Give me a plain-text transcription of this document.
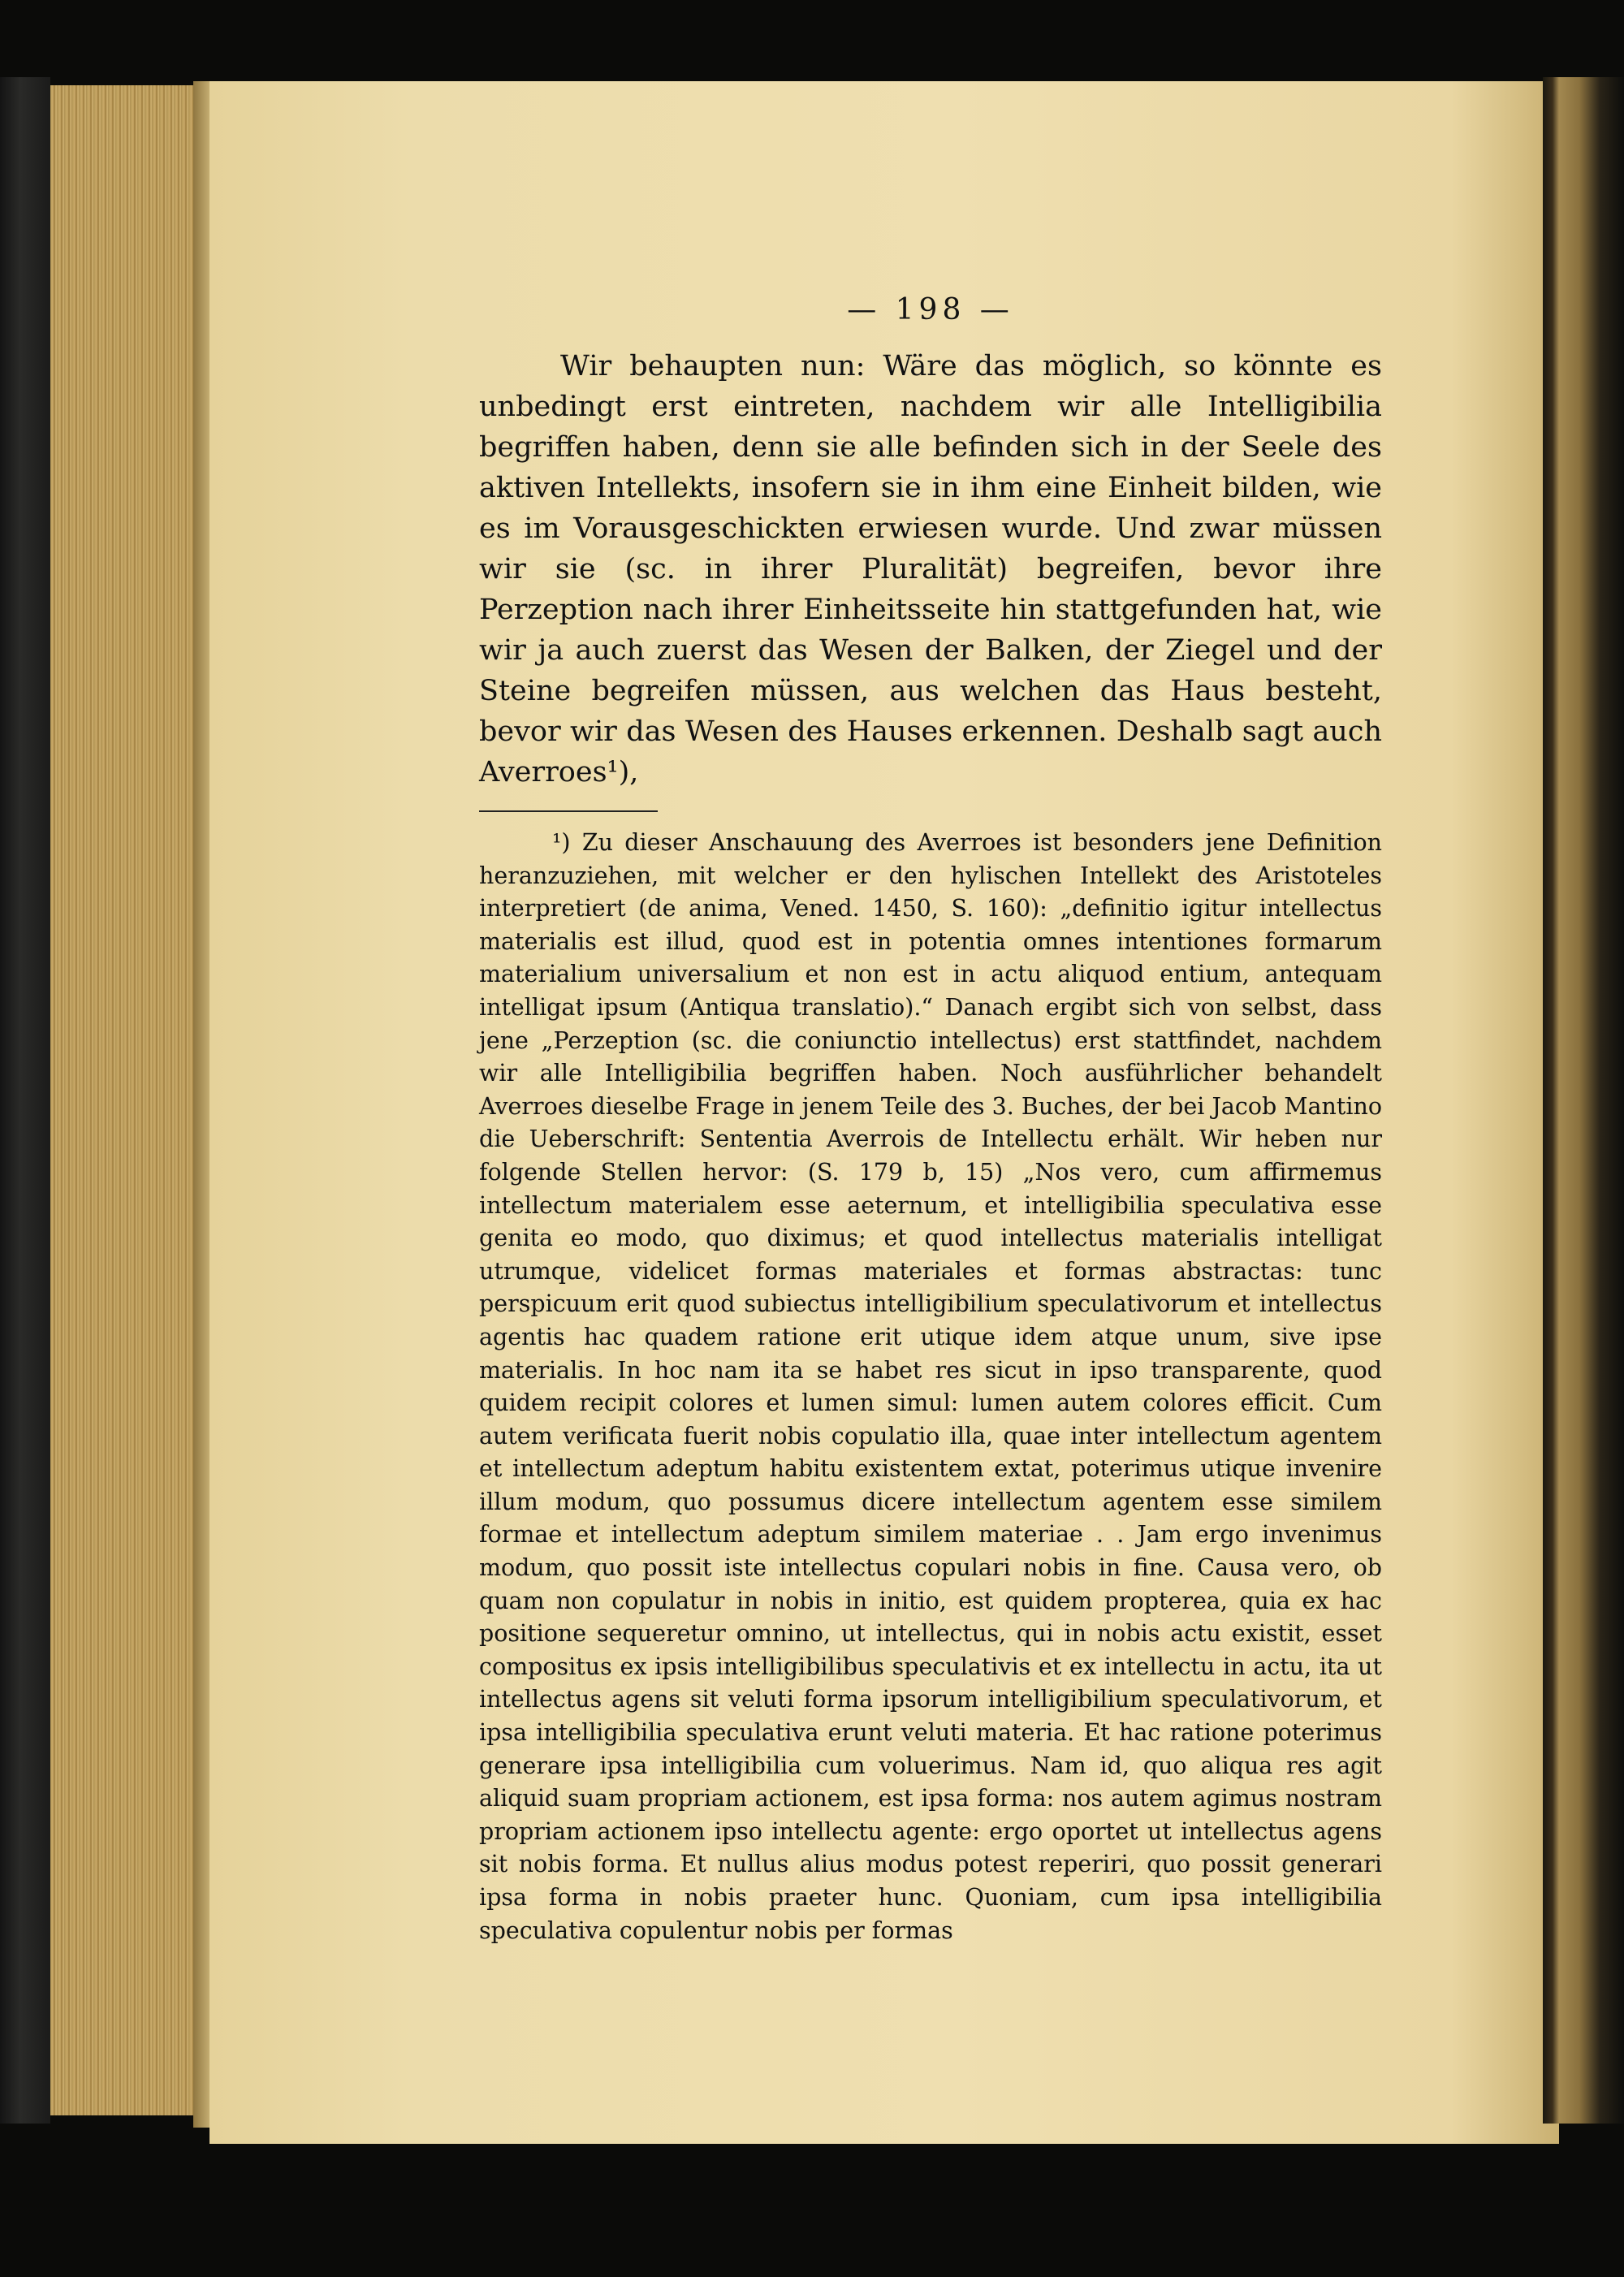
— 198 —

Wir behaupten nun: Wäre das möglich, so könnte es unbedingt erst eintreten, nachdem wir alle Intelligibilia begriffen haben, denn sie alle befinden sich in der Seele des aktiven Intellekts, insofern sie in ihm eine Einheit bilden, wie es im Vorausgeschickten erwiesen wurde. Und zwar müssen wir sie (sc. in ihrer Pluralität) begreifen, bevor ihre Perzeption nach ihrer Einheitsseite hin stattgefunden hat, wie wir ja auch zuerst das Wesen der Balken, der Ziegel und der Steine begreifen müssen, aus welchen das Haus besteht, bevor wir das Wesen des Hauses erkennen. Deshalb sagt auch Averroes¹),

¹) Zu dieser Anschauung des Averroes ist besonders jene Definition heranzuziehen, mit welcher er den hylischen Intellekt des Aristoteles interpretiert (de anima, Vened. 1450, S. 160): „definitio igitur intellectus materialis est illud, quod est in potentia omnes intentiones formarum materialium universalium et non est in actu aliquod entium, antequam intelligat ipsum (Antiqua translatio).“ Danach ergibt sich von selbst, dass jene „Perzeption (sc. die coniunctio intellectus) erst stattfindet, nachdem wir alle Intelligibilia begriffen haben. Noch ausführlicher behandelt Averroes dieselbe Frage in jenem Teile des 3. Buches, der bei Jacob Mantino die Ueberschrift: Sententia Averrois de Intellectu erhält. Wir heben nur folgende Stellen hervor: (S. 179 b, 15) „Nos vero, cum affirmemus intellectum materialem esse aeternum, et intelligibilia speculativa esse genita eo modo, quo diximus; et quod intellectus materialis intelligat utrumque, videlicet formas materiales et formas abstractas: tunc perspicuum erit quod subiectus intelligibilium speculativorum et intellectus agentis hac quadem ratione erit utique idem atque unum, sive ipse materialis. In hoc nam ita se habet res sicut in ipso transparente, quod quidem recipit colores et lumen simul: lumen autem colores efficit. Cum autem verificata fuerit nobis copulatio illa, quae inter intellectum agentem et intellectum adeptum habitu existentem extat, poterimus utique invenire illum modum, quo possumus dicere intellectum agentem esse similem formae et intellectum adeptum similem materiae . . Jam ergo invenimus modum, quo possit iste intellectus copulari nobis in fine. Causa vero, ob quam non copulatur in nobis in initio, est quidem propterea, quia ex hac positione sequeretur omnino, ut intellectus, qui in nobis actu existit, esset compositus ex ipsis intelligibilibus speculativis et ex intellectu in actu, ita ut intellectus agens sit veluti forma ipsorum intelligibilium speculativorum, et ipsa intelligibilia speculativa erunt veluti materia. Et hac ratione poterimus generare ipsa intelligibilia cum voluerimus. Nam id, quo aliqua res agit aliquid suam propriam actionem, est ipsa forma: nos autem agimus nostram propriam actionem ipso intellectu agente: ergo oportet ut intellectus agens sit nobis forma. Et nullus alius modus potest reperiri, quo possit generari ipsa forma in nobis praeter hunc. Quoniam, cum ipsa intelligibilia speculativa copulentur nobis per formas
